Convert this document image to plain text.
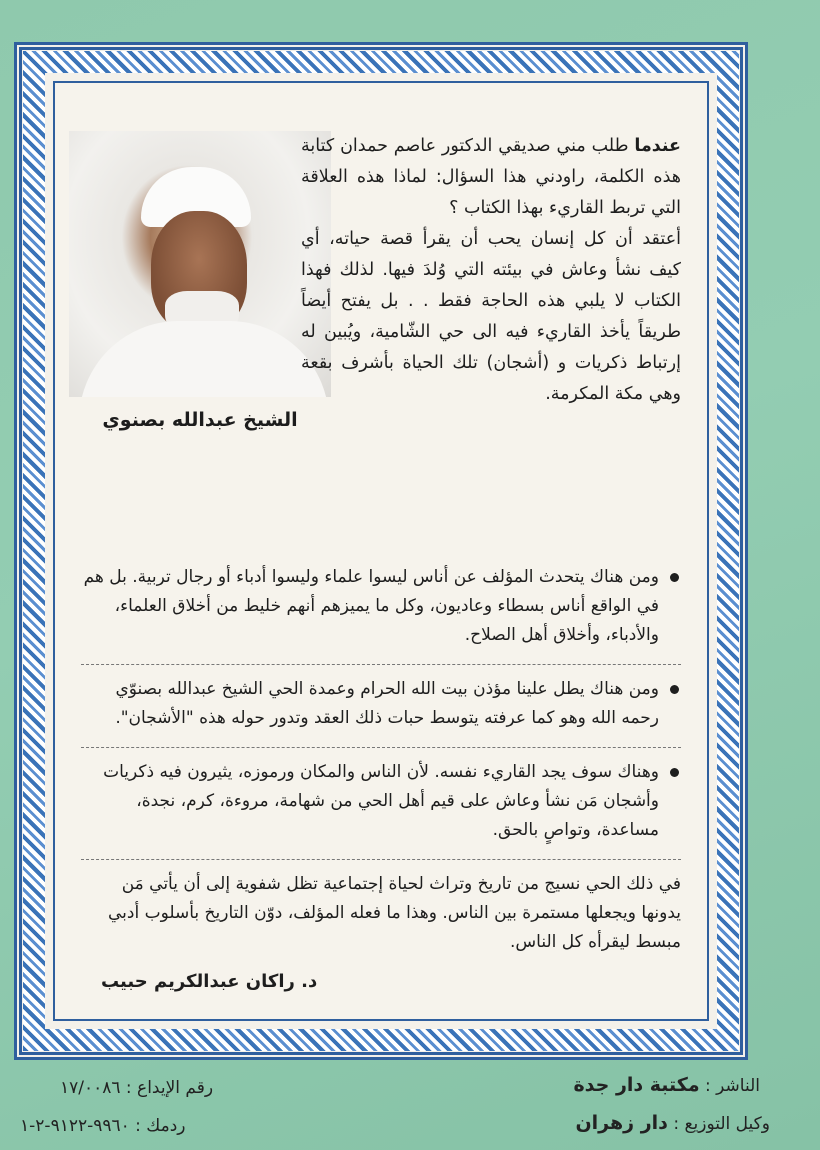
الشيخ عبدالله بصنوي
عندما طلب مني صديقي الدكتور عاصم حمدان كتابة هذه الكلمة، راودني هذا السؤال: لماذا هذه العلاقة التي تربط القاريء بهذا الكتاب ؟
أعتقد أن كل إنسان يحب أن يقرأ قصة حياته، أي كيف نشأ وعاش في بيئته التي وُلدَ فيها. لذلك فهذا الكتاب لا يلبي هذه الحاجة فقط . . بل يفتح أيضاً طريقاً يأخذ القاريء فيه الى حي الشّامية، ويُبين له إرتباط ذكريات و (أشجان) تلك الحياة بأشرف بقعة وهي مكة المكرمة.
ومن هناك يتحدث المؤلف عن أناس ليسوا علماء وليسوا أدباء أو رجال تربية. بل هم في الواقع أناس بسطاء وعاديون، وكل ما يميزهم أنهم خليط من أخلاق العلماء، والأدباء، وأخلاق أهل الصلاح.
ومن هناك يطل علينا مؤذن بيت الله الحرام وعمدة الحي الشيخ عبدالله بصنوّي رحمه الله وهو كما عرفته يتوسط حبات ذلك العقد وتدور حوله هذه "الأشجان".
وهناك سوف يجد القاريء نفسه. لأن الناس والمكان ورموزه، يثيرون فيه ذكريات وأشجان مَن نشأ وعاش على قيم أهل الحي من شهامة، مروءة، كرم، نجدة، مساعدة، وتواصٍ بالحق.
في ذلك الحي نسيج من تاريخ وتراث لحياة إجتماعية تظل شفوية إلى أن يأتي مَن يدونها ويجعلها مستمرة بين الناس. وهذا ما فعله المؤلف، دوّن التاريخ بأسلوب أدبي مبسط ليقرأه كل الناس.
د. راكان عبدالكريم حبيب
الناشر : مكتبة دار جدة
وكيل التوزيع : دار زهران
رقم الإيداع : ١٧/٠٠٨٦
ردمك : ٩٩٦٠-٩١٢٢-٢-١
